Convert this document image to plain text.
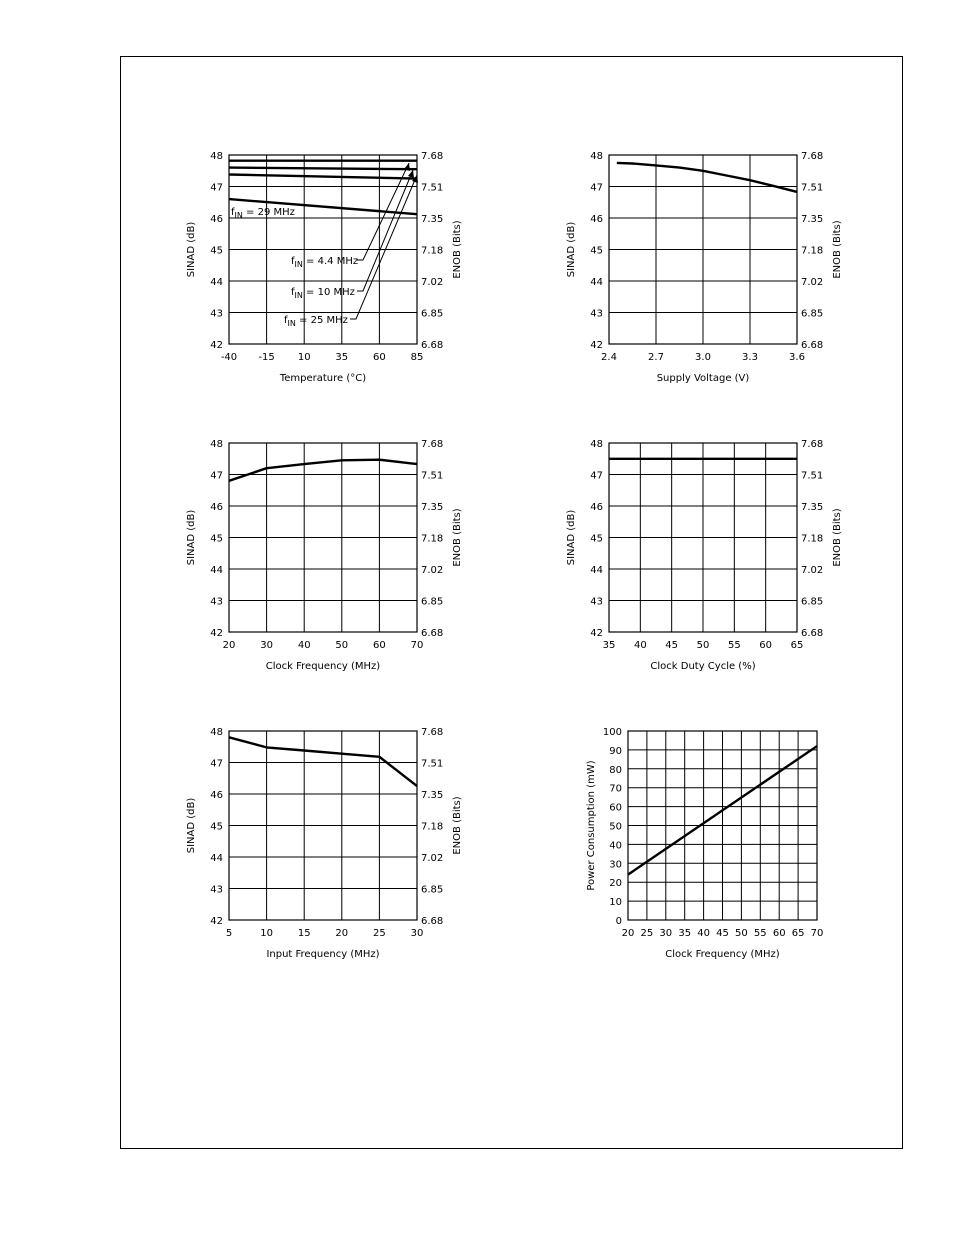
-40 -15 10 35 60 85
42	6.68
43	6.85
44	7.02
45	7.18
46	7.35
47	7.51
48	7.68
Temperature (°C)
SINAD (dB)	ENOB (Bits)
$f_{IN} = 29$ MHz
$f_{IN} = 4.4$ MHz
$f_{IN} = 10$ MHz
$f_{IN} = 25$ MHz
2.4	2.7	3.0	3.3	3.6
42	6.68
43	6.85
44	7.02
45	7.18
46	7.35
47	7.51
48	7.68
Supply Voltage (V)
SINAD (dB)	ENOB (Bits)
20 30 40 50 60 70
42	6.68
43	6.85
44	7.02
45	7.18
46	7.35
47	7.51
48	7.68
Clock Frequency (MHz)
SINAD (dB)	ENOB (Bits)
35 40 45 50 55 60 65
42	6.68
43	6.85
44	7.02
45	7.18
46	7.35
47	7.51
48	7.68
Clock Duty Cycle (%)
SINAD (dB)	ENOB (Bits)
5	10 15 20 25 30
42	6.68
43	6.85
44	7.02
45	7.18
46	7.35
47	7.51
48	7.68
Input Frequency (MHz)
SINAD (dB)	ENOB (Bits)
20 25 30 35 40 45 50 55 60 65 70
0
10
20
30
40
50
60
70
80
90
100
Clock Frequency (MHz)
Power Consumption (mW)
